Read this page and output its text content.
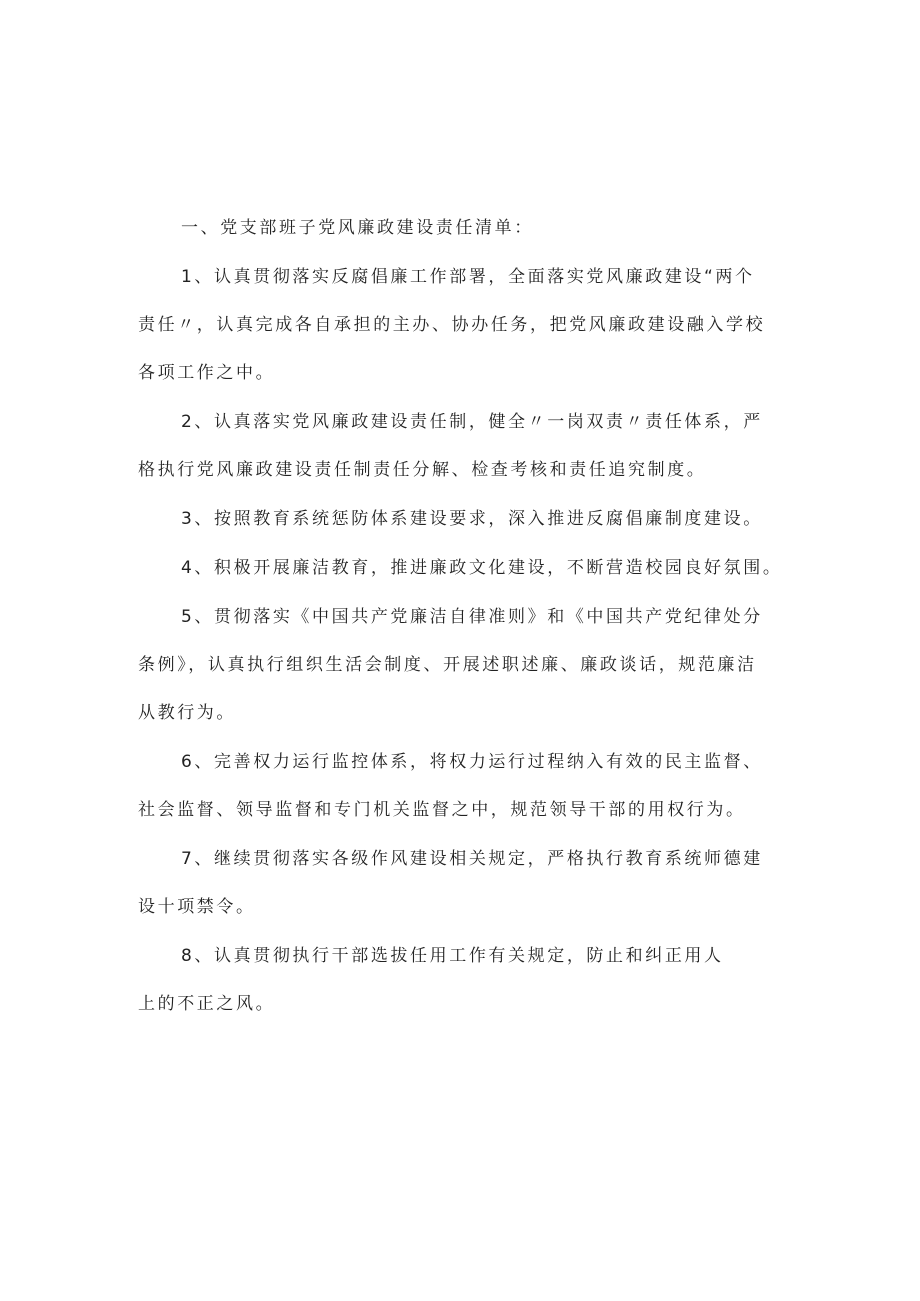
一、党支部班子党风廉政建设责任清单：
1、认真贯彻落实反腐倡廉工作部署，全面落实党风廉政建设“两个
责任〃，认真完成各自承担的主办、协办任务，把党风廉政建设融入学校
各项工作之中。
2、认真落实党风廉政建设责任制，健全〃一岗双责〃责任体系，严
格执行党风廉政建设责任制责任分解、检查考核和责任追究制度。
3、按照教育系统惩防体系建设要求，深入推进反腐倡廉制度建设。
4、积极开展廉洁教育，推进廉政文化建设，不断营造校园良好氛围。
5、贯彻落实《中国共产党廉洁自律准则》和《中国共产党纪律处分
条例》，认真执行组织生活会制度、开展述职述廉、廉政谈话，规范廉洁
从教行为。
6、完善权力运行监控体系，将权力运行过程纳入有效的民主监督、
社会监督、领导监督和专门机关监督之中，规范领导干部的用权行为。
7、继续贯彻落实各级作风建设相关规定，严格执行教育系统师德建
设十项禁令。
8、认真贯彻执行干部选拔任用工作有关规定，防止和纠正用人
上的不正之风。
